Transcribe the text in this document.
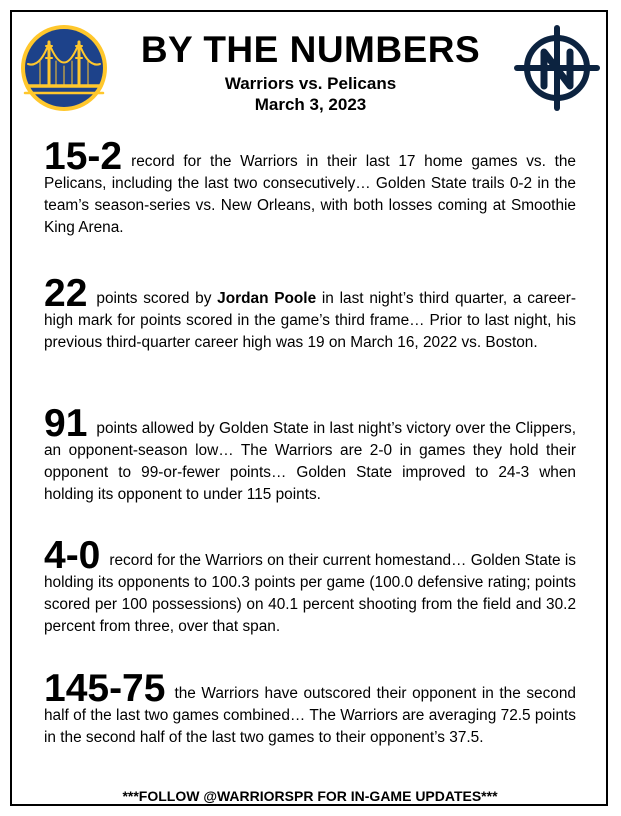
BY THE NUMBERS
Warriors vs. Pelicans
March 3, 2023

15-2 record for the Warriors in their last 17 home games vs. the Pelicans, including the last two consecutively… Golden State trails 0-2 in the team’s season-series vs. New Orleans, with both losses coming at Smoothie King Arena.

22 points scored by Jordan Poole in last night’s third quarter, a career-high mark for points scored in the game’s third frame… Prior to last night, his previous third-quarter career high was 19 on March 16, 2022 vs. Boston.

91 points allowed by Golden State in last night’s victory over the Clippers, an opponent-season low… The Warriors are 2-0 in games they hold their opponent to 99-or-fewer points… Golden State improved to 24-3 when holding its opponent to under 115 points.

4-0 record for the Warriors on their current homestand… Golden State is holding its opponents to 100.3 points per game (100.0 defensive rating; points scored per 100 possessions) on 40.1 percent shooting from the field and 30.2 percent from three, over that span.

145-75 the Warriors have outscored their opponent in the second half of the last two games combined… The Warriors are averaging 72.5 points in the second half of the last two games to their opponent’s 37.5.

***FOLLOW @WARRIORSPR FOR IN-GAME UPDATES***
